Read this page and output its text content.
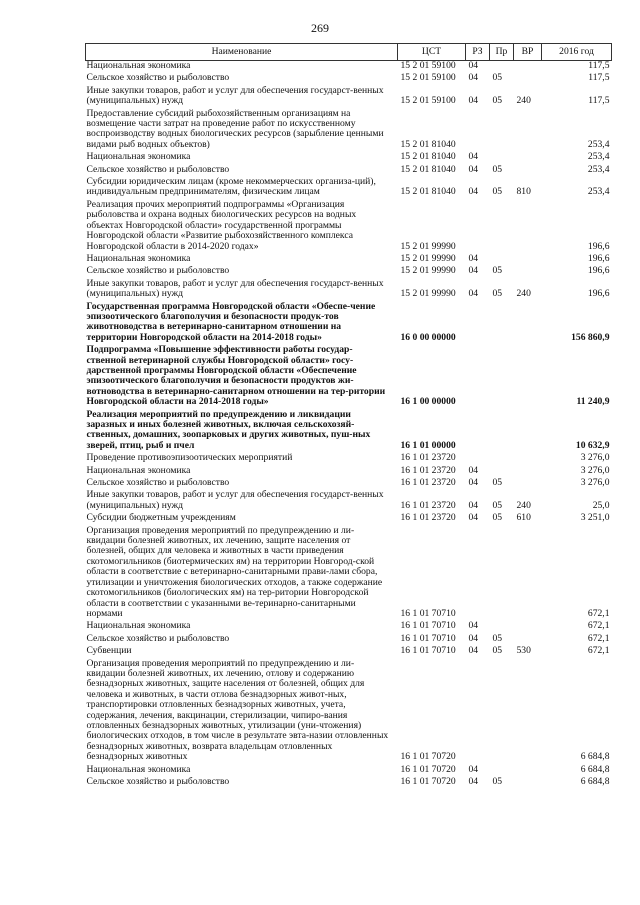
269
Наименование	ЦСТ	РЗ	Пр	ВР	2016 год
Национальная экономика	15 2 01 59100	04			117,5
Сельское хозяйство и рыболовство	15 2 01 59100	04	05		117,5
Иные закупки товаров, работ и услуг для обеспечения государст-венных (муниципальных) нужд	15 2 01 59100	04	05	240	117,5
Предоставление субсидий рыбохозяйственным организациям на возмещение части затрат на проведение работ по искусственному воспроизводству водных биологических ресурсов (зарыбление ценными видами рыб водных объектов)	15 2 01 81040				253,4
Национальная экономика	15 2 01 81040	04			253,4
Сельское хозяйство и рыболовство	15 2 01 81040	04	05		253,4
Субсидии юридическим лицам (кроме некоммерческих организа-ций), индивидуальным предпринимателям, физическим лицам	15 2 01 81040	04	05	810	253,4
Реализация прочих мероприятий подпрограммы «Организация рыболовства и охрана водных биологических ресурсов на водных объектах Новгородской области» государственной программы Новгородской области «Развитие рыбохозяйственного комплекса Новгородской области в 2014-2020 годах»	15 2 01 99990				196,6
Национальная экономика	15 2 01 99990	04			196,6
Сельское хозяйство и рыболовство	15 2 01 99990	04	05		196,6
Иные закупки товаров, работ и услуг для обеспечения государст-венных (муниципальных) нужд	15 2 01 99990	04	05	240	196,6
Государственная программа Новгородской области «Обеспе-чение эпизоотического благополучия и безопасности продук-тов животноводства в ветеринарно-санитарном отношении на территории Новгородской области на 2014-2018 годы»	16 0 00 00000				156 860,9
Подпрограмма «Повышение эффективности работы государ-ственной ветеринарной службы Новгородской области» госу-дарственной программы Новгородской области «Обеспечение эпизоотического благополучия и безопасности продуктов жи-вотноводства в ветеринарно-санитарном отношении на тер-ритории Новгородской области на 2014-2018 годы»	16 1 00 00000				11 240,9
Реализация мероприятий по предупреждению и ликвидации заразных и иных болезней животных, включая сельскохозяй-ственных, домашних, зоопарковых и других животных, пуш-ных зверей, птиц, рыб и пчел	16 1 01 00000				10 632,9
Проведение противоэпизоотических мероприятий	16 1 01 23720				3 276,0
Национальная экономика	16 1 01 23720	04			3 276,0
Сельское хозяйство и рыболовство	16 1 01 23720	04	05		3 276,0
Иные закупки товаров, работ и услуг для обеспечения государст-венных (муниципальных) нужд	16 1 01 23720	04	05	240	25,0
Субсидии бюджетным учреждениям	16 1 01 23720	04	05	610	3 251,0
Организация проведения мероприятий по предупреждению и ли-квидации болезней животных, их лечению, защите населения от болезней, общих для человека и животных в части приведения скотомогильников (биотермических ям) на территории Новгород-ской области в соответствие с ветеринарно-санитарными прави-лами сбора, утилизации и уничтожения биологических отходов, а также содержание скотомогильников (биологических ям) на тер-ритории Новгородской области в соответствии с указанными ве-теринарно-санитарными нормами	16 1 01 70710				672,1
Национальная экономика	16 1 01 70710	04			672,1
Сельское хозяйство и рыболовство	16 1 01 70710	04	05		672,1
Субвенции	16 1 01 70710	04	05	530	672,1
Организация проведения мероприятий по предупреждению и ли-квидации болезней животных, их лечению, отлову и содержанию безнадзорных животных, защите населения от болезней, общих для человека и животных, в части отлова безнадзорных живот-ных, транспортировки отловленных безнадзорных животных, учета, содержания, лечения, вакцинации, стерилизации, чипиро-вания отловленных безнадзорных животных, утилизации (уни-чтожения) биологических отходов, в том числе в результате эвта-назии отловленных безнадзорных животных, возврата владельцам отловленных безнадзорных животных	16 1 01 70720				6 684,8
Национальная экономика	16 1 01 70720	04			6 684,8
Сельское хозяйство и рыболовство	16 1 01 70720	04	05		6 684,8
